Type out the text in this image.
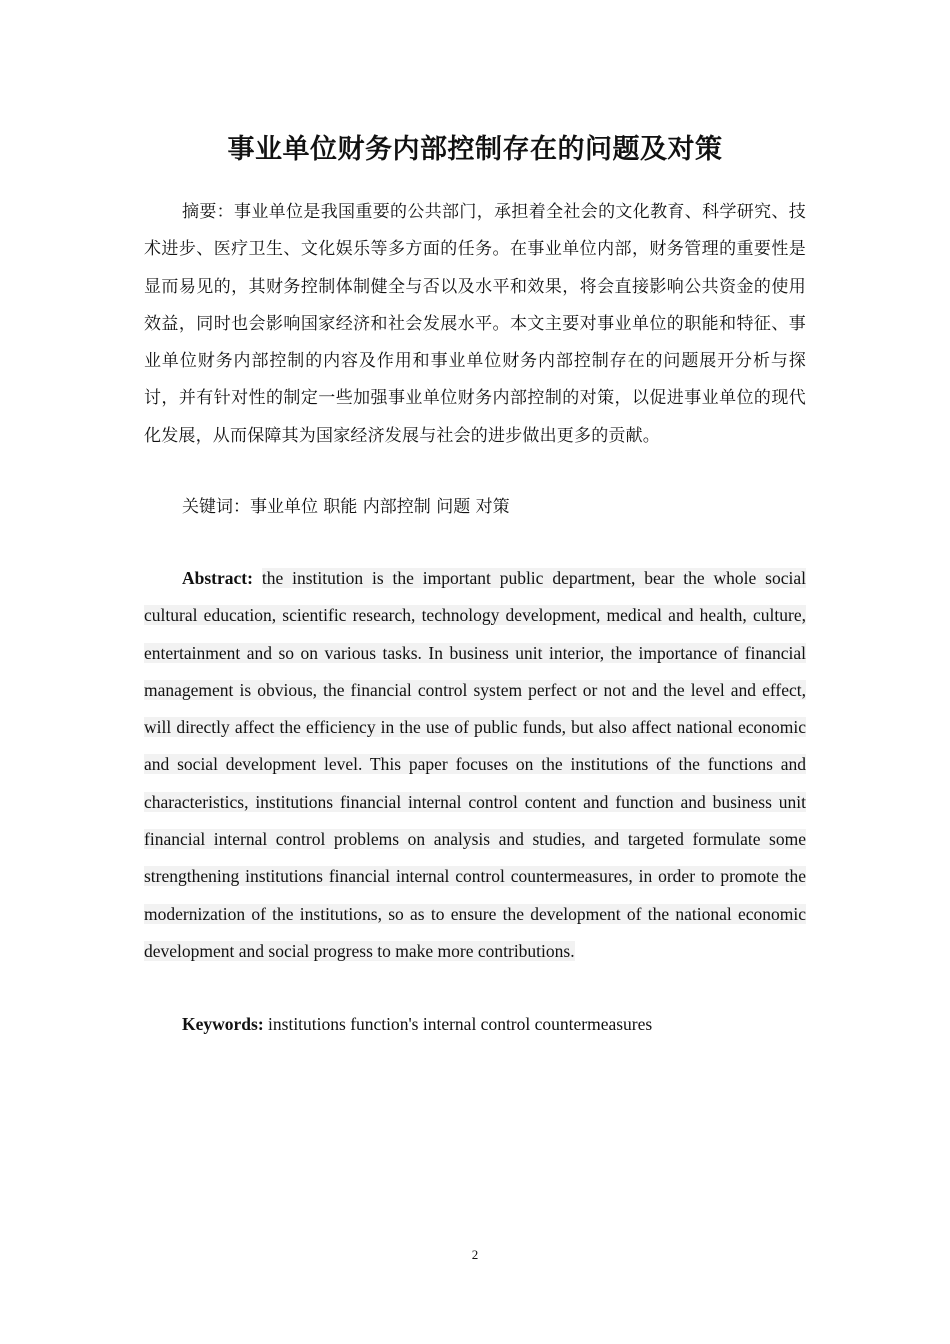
事业单位财务内部控制存在的问题及对策

摘要：事业单位是我国重要的公共部门，承担着全社会的文化教育、科学研究、技术进步、医疗卫生、文化娱乐等多方面的任务。在事业单位内部，财务管理的重要性是显而易见的，其财务控制体制健全与否以及水平和效果，将会直接影响公共资金的使用效益，同时也会影响国家经济和社会发展水平。本文主要对事业单位的职能和特征、事业单位财务内部控制的内容及作用和事业单位财务内部控制存在的问题展开分析与探讨，并有针对性的制定一些加强事业单位财务内部控制的对策，以促进事业单位的现代化发展，从而保障其为国家经济发展与社会的进步做出更多的贡献。

关键词：事业单位 职能 内部控制 问题 对策

Abstract: the institution is the important public department, bear the whole social cultural education, scientific research, technology development, medical and health, culture, entertainment and so on various tasks. In business unit interior, the importance of financial management is obvious, the financial control system perfect or not and the level and effect, will directly affect the efficiency in the use of public funds, but also affect national economic and social development level. This paper focuses on the institutions of the functions and characteristics, institutions financial internal control content and function and business unit financial internal control problems on analysis and studies, and targeted formulate some strengthening institutions financial internal control countermeasures, in order to promote the modernization of the institutions, so as to ensure the development of the national economic development and social progress to make more contributions.

Keywords: institutions function's internal control countermeasures

2
